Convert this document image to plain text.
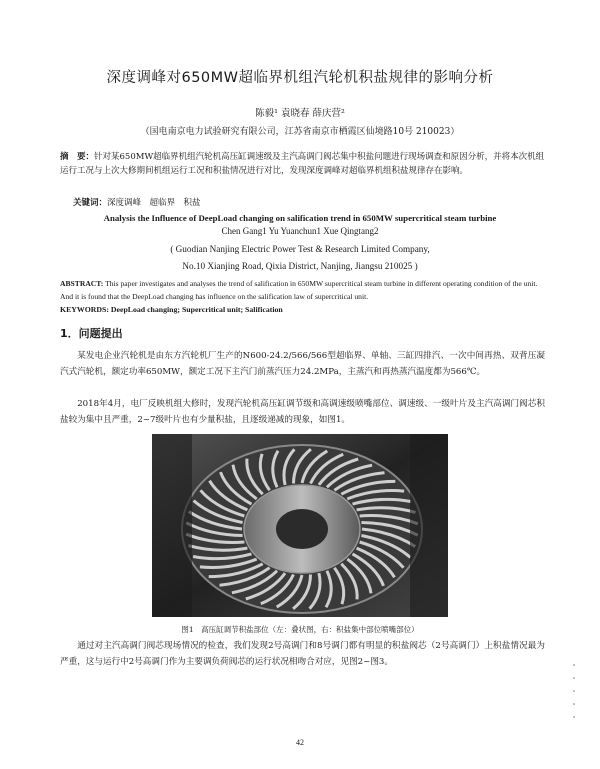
深度调峰对650MW超临界机组汽轮机积盐规律的影响分析
陈毅¹ 袁晓春 薛庆营²
（国电南京电力试验研究有限公司，江苏省南京市栖霞区仙境路10号 210023）
摘　要：针对某650MW超临界机组汽轮机高压缸调速级及主汽高调门阀芯集中积盐问题进行现场调查和原因分析，并将本次机组运行工况与上次大修期间机组运行工况和积盐情况进行对比，发现深度调峰对超临界机组积盐规律存在影响。
关键词：深度调峰　超临界　积盐
Analysis the Influence of DeepLoad changing on salification trend in 650MW supercritical steam turbine
Chen Gang1 Yu Yuanchun1 Xue Qingtang2
( Guodian Nanjing Electric Power Test & Research Limited Company,
No.10 Xianjing Road, Qixia District, Nanjing, Jiangsu 210025 )
ABSTRACT: This paper investigates and analyses the trend of salification in 650MW supercritical steam turbine in different operating condition of the unit. And it is found that the DeepLoad changing has influence on the salification law of supercritical unit.
KEYWORDS: DeepLoad changing; Supercritical unit; Salification
1．问题提出
某发电企业汽轮机是由东方汽轮机厂生产的N600-24.2/566/566型超临界、单轴、三缸四排汽、一次中间再热、双背压凝汽式汽轮机，额定功率650MW，额定工况下主汽门前蒸汽压力24.2MPa，主蒸汽和再热蒸汽温度都为566℃。
2018年4月，电厂反映机组大修时，发现汽轮机高压缸调节级和高调速级喷嘴部位、调速级、一级叶片及主汽高调门阀芯积盐较为集中且严重，2~7级叶片也有少量积盐，且逐级递减的现象，如图1。
图1　高压缸调节积盐部位（左：叠状图，右：积盐集中部位喷嘴部位）
通过对主汽高调门阀芯现场情况的检查，我们发现2号高调门和8号调门都有明显的积盐阀芯（2号高调门）上积盐情况最为严重，这与运行中2号高调门作为主要调负荷阀芯的运行状况相吻合对应，见图2~图3。
42
